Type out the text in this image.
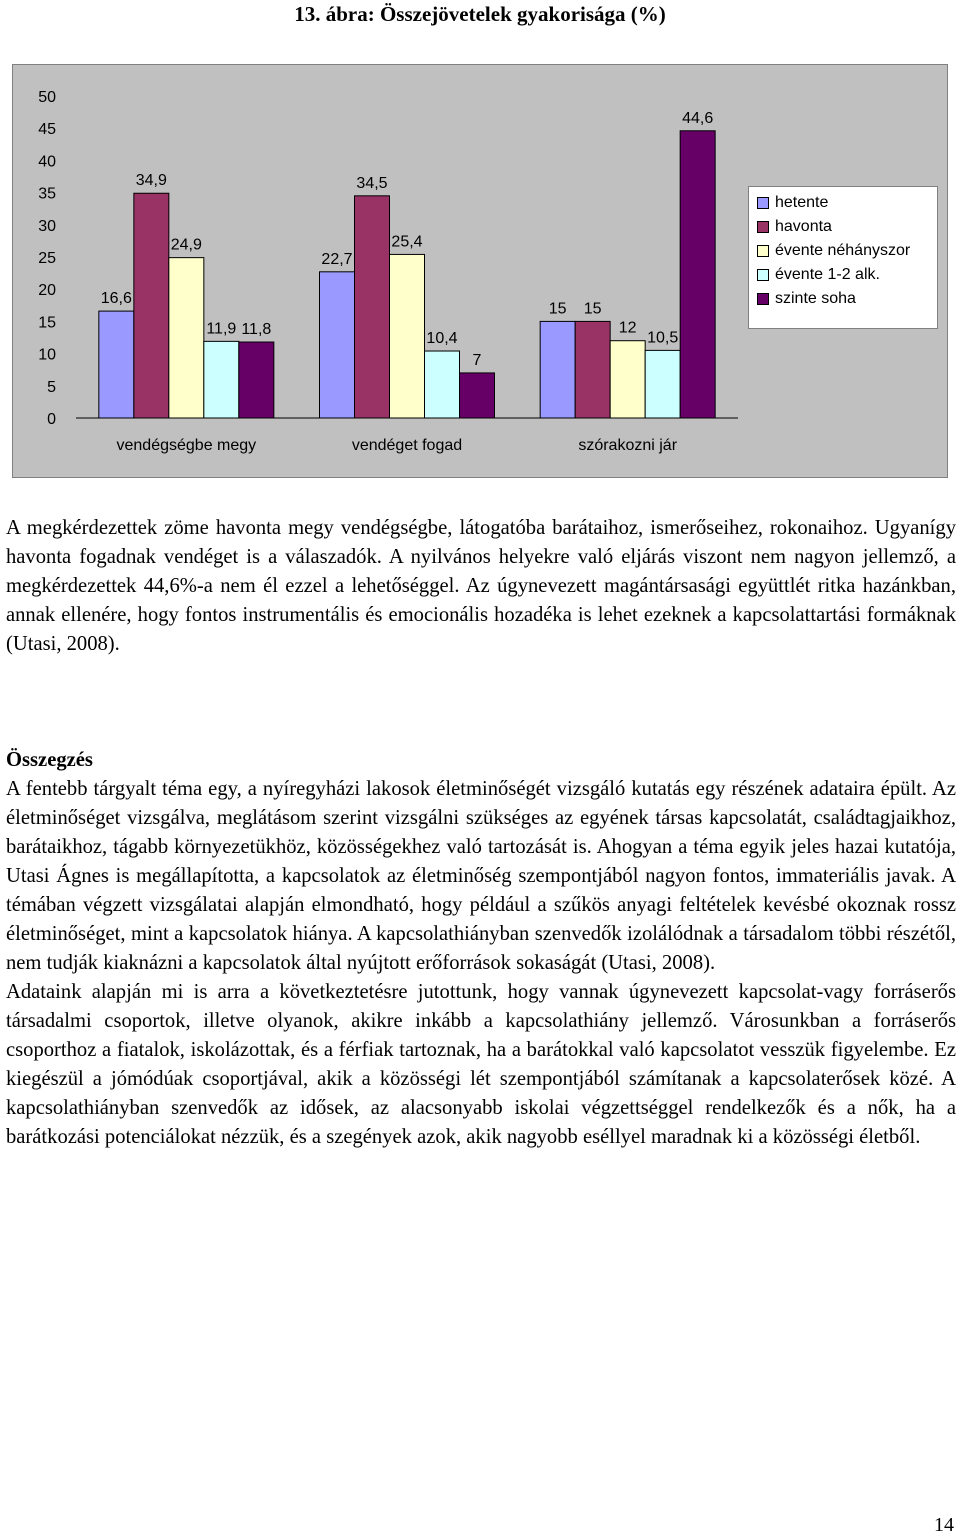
13. ábra: Összejövetelek gyakorisága (%)
0
5
10
15
20
25
30
35
40
45
50
16,6
34,9
24,9
11,9 11,8
vendégségbe megy
22,7
34,5
25,4
10,4
7
vendéget fogad
15 15
12
10,5
44,6
szórakozni jár
hetente
havonta
évente néhányszor
évente 1-2 alk.
szinte soha

A megkérdezettek zöme havonta megy vendégségbe, látogatóba barátaihoz, ismerőseihez, rokonaihoz. Ugyanígy havonta fogadnak vendéget is a válaszadók. A nyilvános helyekre való eljárás viszont nem nagyon jellemző, a megkérdezettek 44,6%-a nem él ezzel a lehetőséggel. Az úgynevezett magántársasági együttlét ritka hazánkban, annak ellenére, hogy fontos instrumentális és emocionális hozadéka is lehet ezeknek a kapcsolattartási formáknak (Utasi, 2008).

Összegzés

A fentebb tárgyalt téma egy, a nyíregyházi lakosok életminőségét vizsgáló kutatás egy részének adataira épült. Az életminőséget vizsgálva, meglátásom szerint vizsgálni szükséges az egyének társas kapcsolatát, családtagjaikhoz, barátaikhoz, tágabb környezetükhöz, közösségekhez való tartozását is. Ahogyan a téma egyik jeles hazai kutatója, Utasi Ágnes is megállapította, a kapcsolatok az életminőség szempontjából nagyon fontos, immateriális javak. A témában végzett vizsgálatai alapján elmondható, hogy például a szűkös anyagi feltételek kevésbé okoznak rossz életminőséget, mint a kapcsolatok hiánya. A kapcsolathiányban szenvedők izolálódnak a társadalom többi részétől, nem tudják kiaknázni a kapcsolatok által nyújtott erőforrások sokaságát (Utasi, 2008).

Adataink alapján mi is arra a következtetésre jutottunk, hogy vannak úgynevezett kapcsolat-vagy forráserős társadalmi csoportok, illetve olyanok, akikre inkább a kapcsolathiány jellemző. Városunkban a forráserős csoporthoz a fiatalok, iskolázottak, és a férfiak tartoznak, ha a barátokkal való kapcsolatot vesszük figyelembe. Ez kiegészül a jómódúak csoportjával, akik a közösségi lét szempontjából számítanak a kapcsolaterősek közé. A kapcsolathiányban szenvedők az idősek, az alacsonyabb iskolai végzettséggel rendelkezők és a nők, ha a barátkozási potenciálokat nézzük, és a szegények azok, akik nagyobb eséllyel maradnak ki a közösségi életből.

14
